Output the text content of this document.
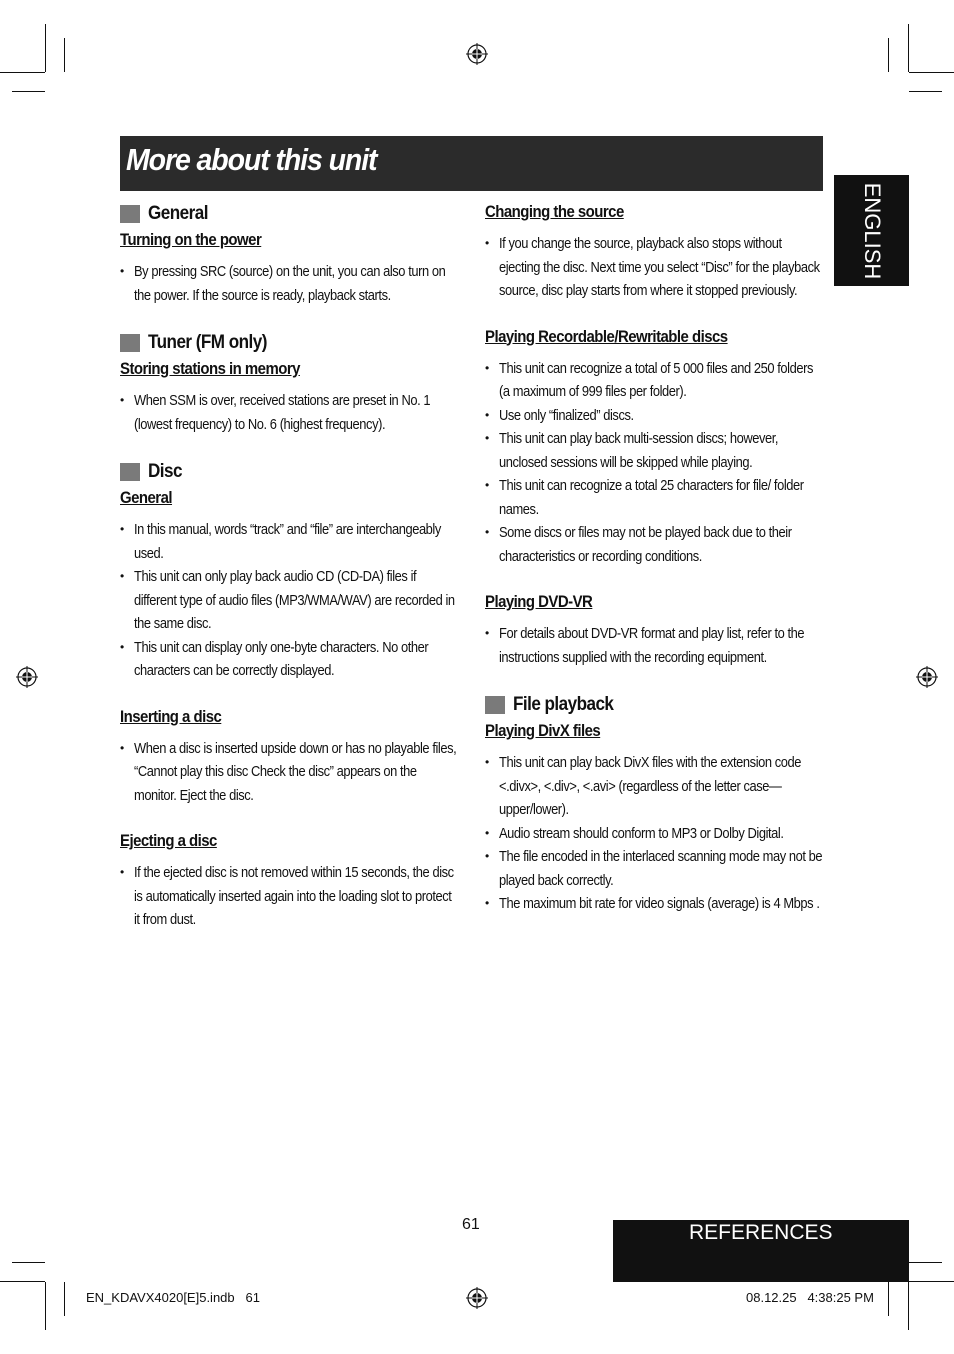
More about this unit
ENGLISH
General
Turning on the power
• By pressing SRC (source) on the unit, you can also turn on the power. If the source is ready, playback starts.
Tuner (FM only)
Storing stations in memory
• When SSM is over, received stations are preset in No. 1 (lowest frequency) to No. 6 (highest frequency).
Disc
General
• In this manual, words “track” and “file” are interchangeably used.
• This unit can only play back audio CD (CD-DA) files if different type of audio files (MP3/WMA/WAV) are recorded in the same disc.
• This unit can display only one-byte characters. No other characters can be correctly displayed.
Inserting a disc
• When a disc is inserted upside down or has no playable files, “Cannot play this disc Check the disc” appears on the monitor. Eject the disc.
Ejecting a disc
• If the ejected disc is not removed within 15 seconds, the disc is automatically inserted again into the loading slot to protect it from dust.
Changing the source
• If you change the source, playback also stops without ejecting the disc. Next time you select “Disc” for the playback source, disc play starts from where it stopped previously.
Playing Recordable/Rewritable discs
• This unit can recognize a total of 5 000 files and 250 folders (a maximum of 999 files per folder).
• Use only “finalized” discs.
• This unit can play back multi-session discs; however, unclosed sessions will be skipped while playing.
• This unit can recognize a total 25 characters for file/ folder names.
• Some discs or files may not be played back due to their characteristics or recording conditions.
Playing DVD-VR
• For details about DVD-VR format and play list, refer to the instructions supplied with the recording equipment.
File playback
Playing DivX files
• This unit can play back DivX files with the extension code <.divx>, <.div>, <.avi> (regardless of the letter case—upper/lower).
• Audio stream should conform to MP3 or Dolby Digital.
• The file encoded in the interlaced scanning mode may not be played back correctly.
• The maximum bit rate for video signals (average) is 4 Mbps .
61	REFERENCES
EN_KDAVX4020[E]5.indb   61	08.12.25   4:38:25 PM
